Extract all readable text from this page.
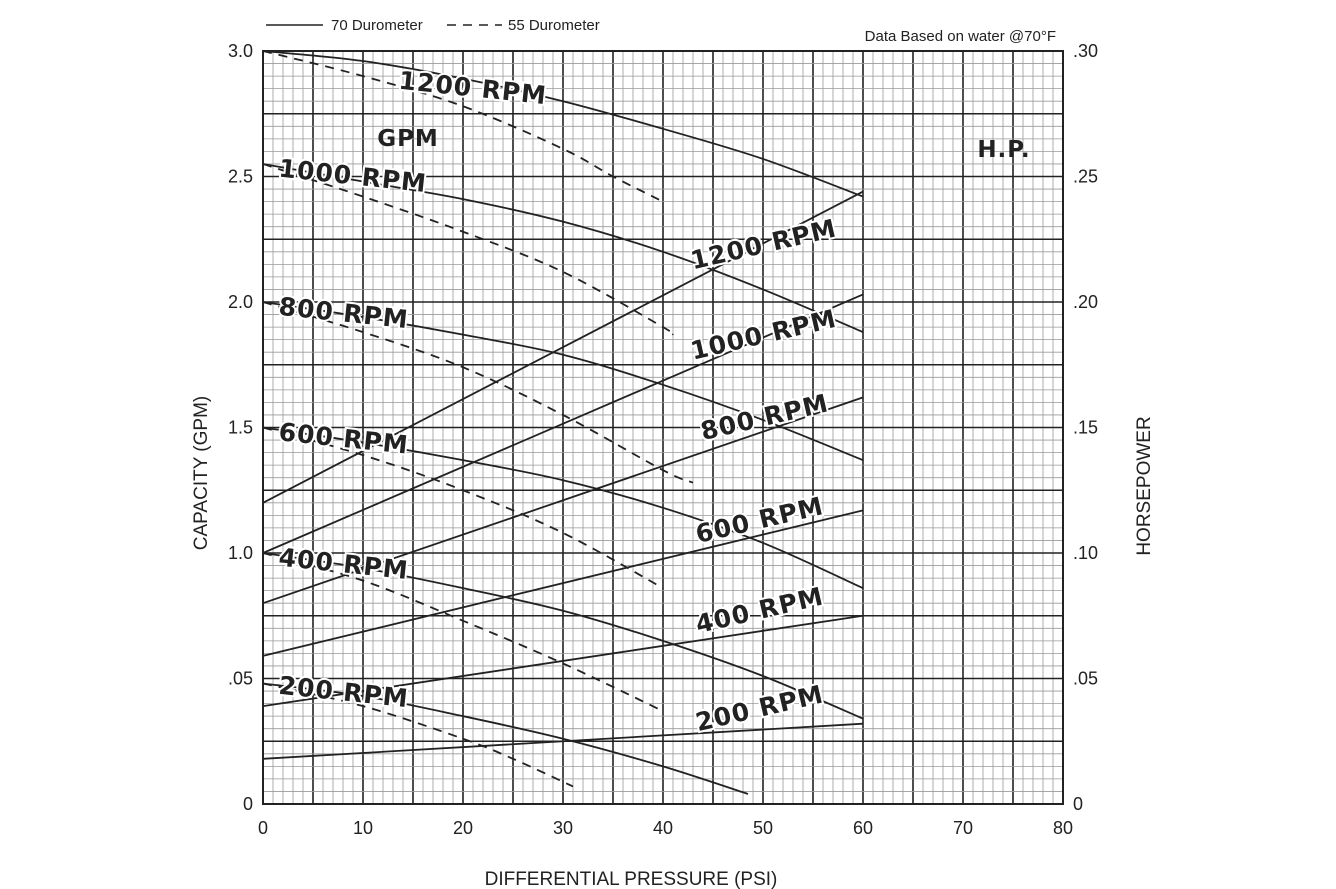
1200 RPM
1000 RPM
800 RPM
600 RPM
400 RPM
200 RPM
1200 RPM
1000 RPM
800 RPM
600 RPM
400 RPM
200 RPM
0	10	20	30	40	50	60	70	80
0
.05
1.0
1.5
2.0
2.5
3.0
0
.05
.10
.15
.20
.25
.30
70 Durometer	55 Durometer
Data Based on water @70°F
GPM	H.P.
DIFFERENTIAL PRESSURE (PSI)
CAPACITY (GPM)	HORSEPOWER
